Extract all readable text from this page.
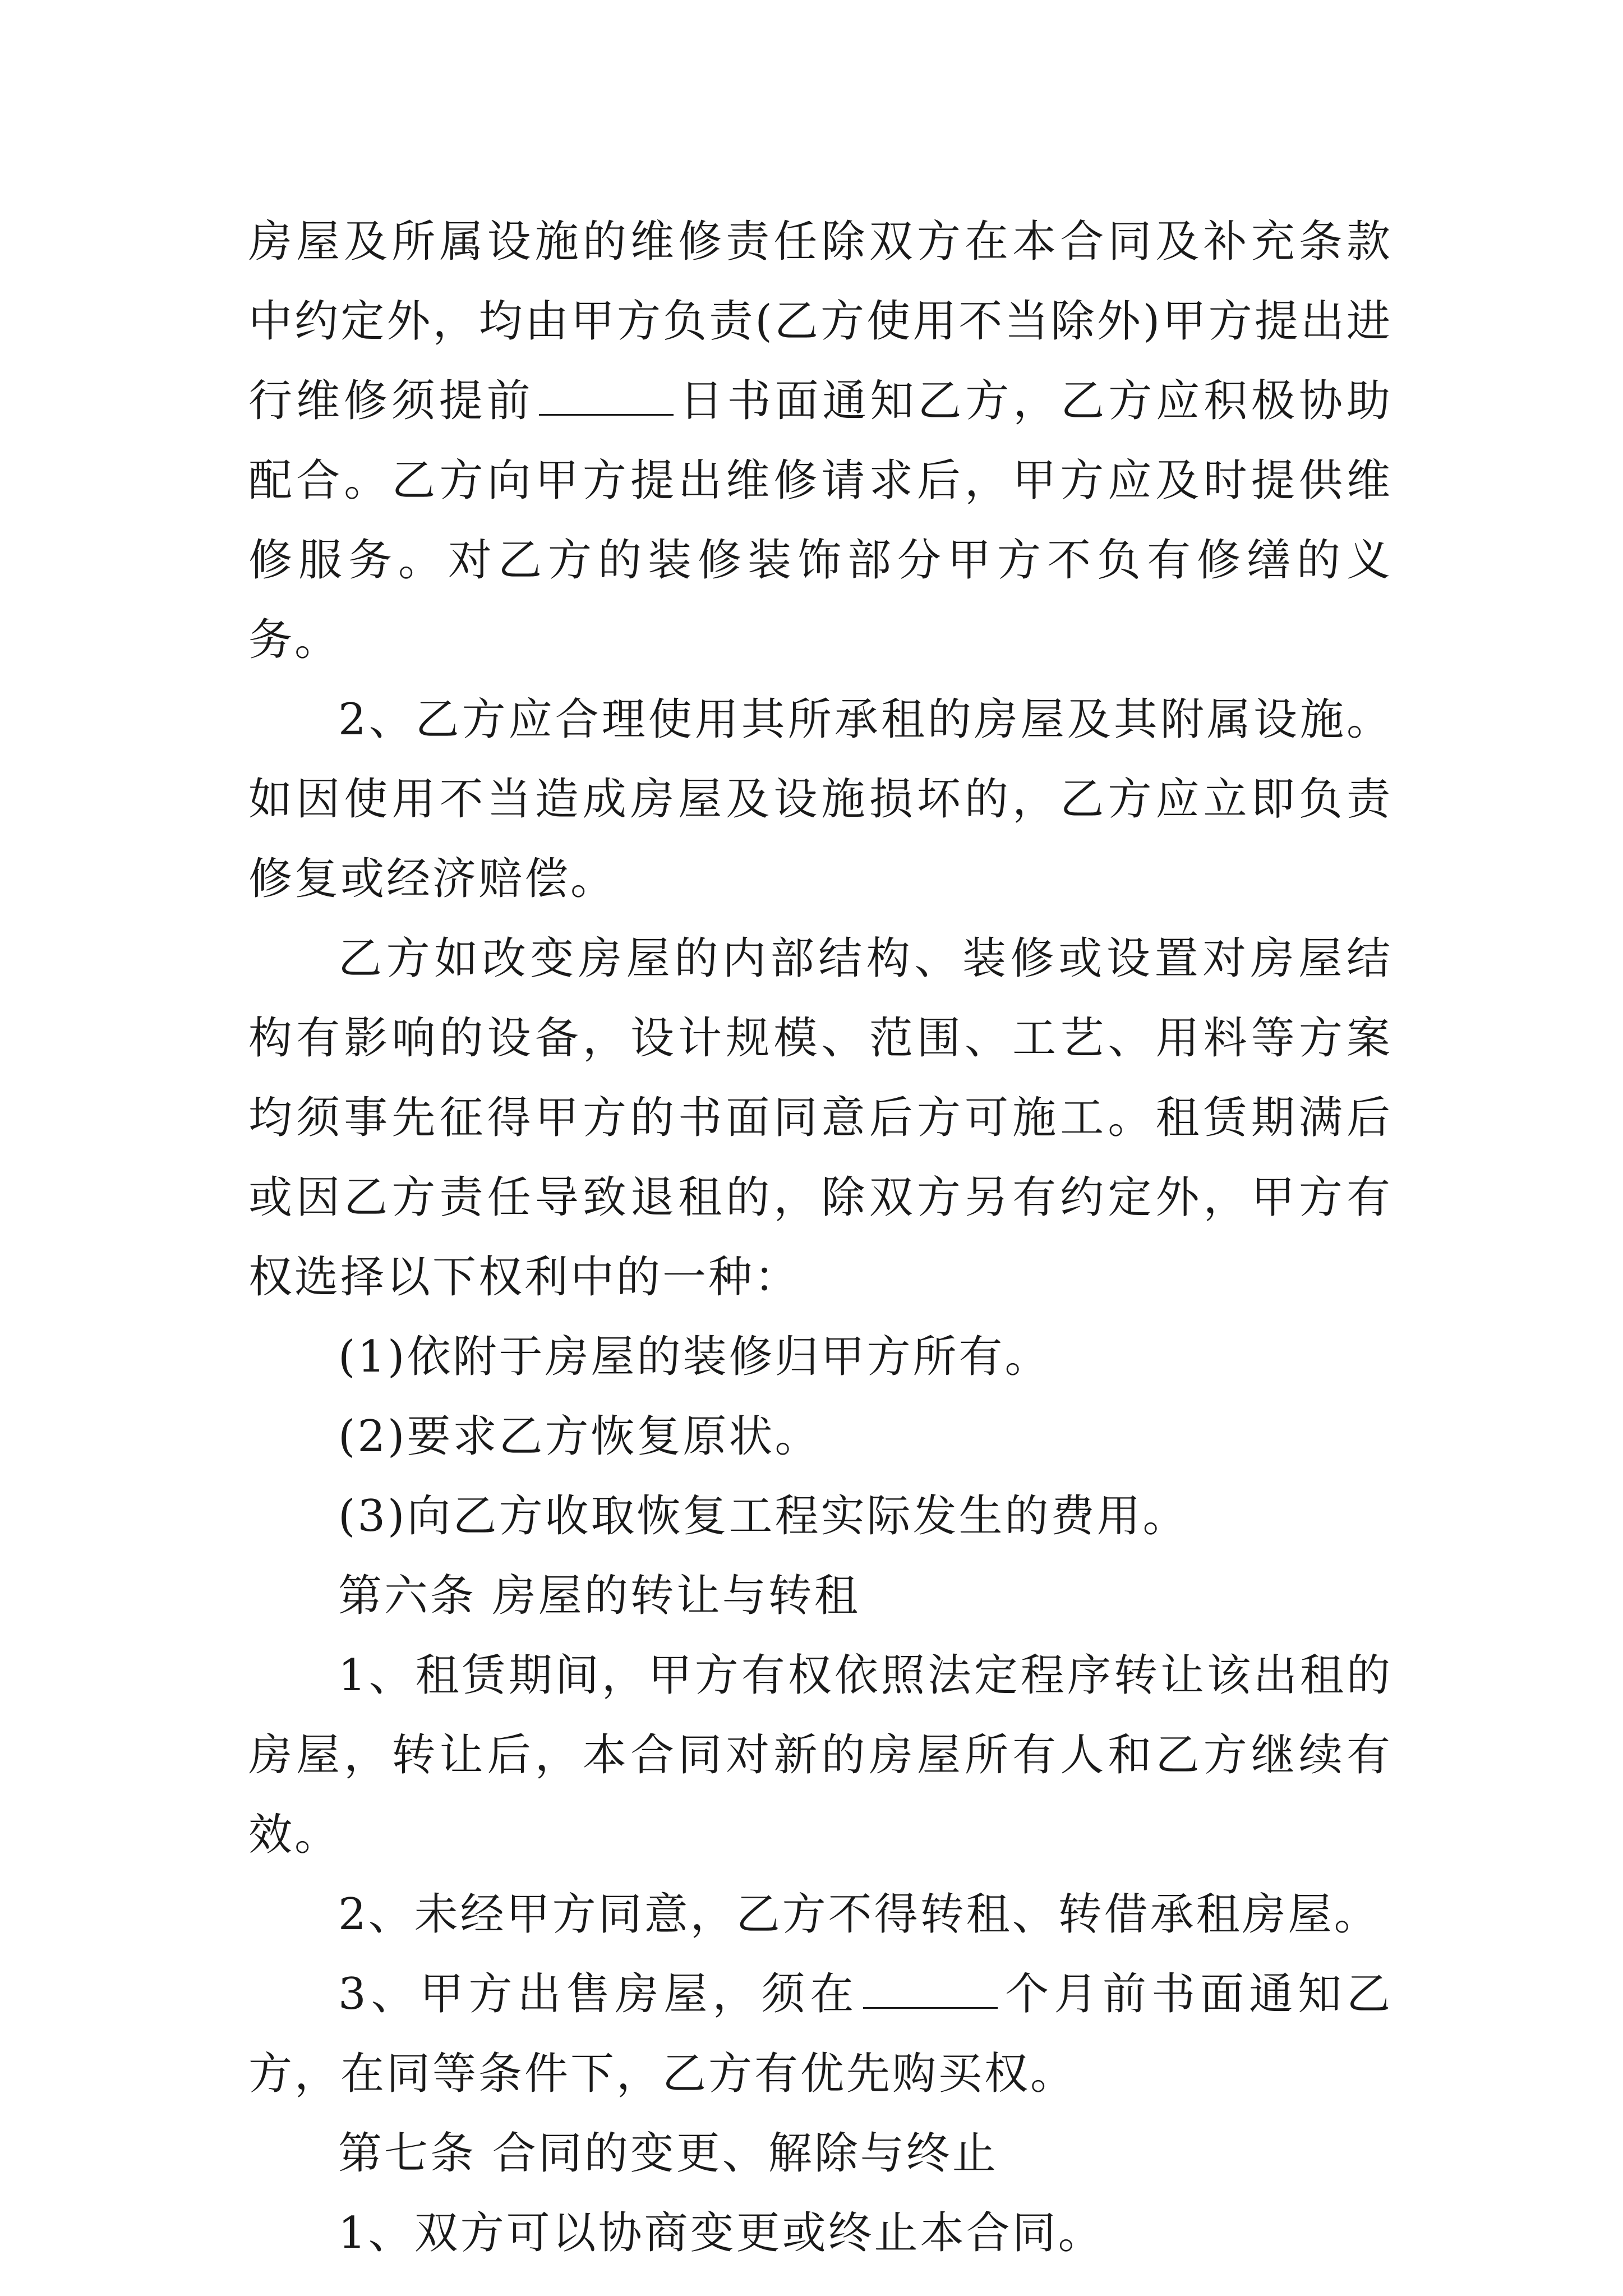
房屋及所属设施的维修责任除双方在本合同及补充条款中约定外，均由甲方负责(乙方使用不当除外)甲方提出进行维修须提前	日书面通知乙方，乙方应积极协助配合。乙方向甲方提出维修请求后，甲方应及时提供维修服务。对乙方的装修装饰部分甲方不负有修缮的义务。

2、乙方应合理使用其所承租的房屋及其附属设施。如因使用不当造成房屋及设施损坏的，乙方应立即负责修复或经济赔偿。

乙方如改变房屋的内部结构、装修或设置对房屋结构有影响的设备，设计规模、范围、工艺、用料等方案均须事先征得甲方的书面同意后方可施工。租赁期满后或因乙方责任导致退租的，除双方另有约定外，甲方有权选择以下权利中的一种：

(1)依附于房屋的装修归甲方所有。

(2)要求乙方恢复原状。

(3)向乙方收取恢复工程实际发生的费用。

第六条 房屋的转让与转租

1、租赁期间，甲方有权依照法定程序转让该出租的房屋，转让后，本合同对新的房屋所有人和乙方继续有效。

2、未经甲方同意，乙方不得转租、转借承租房屋。

3、甲方出售房屋，须在	个月前书面通知乙方，在同等条件下，乙方有优先购买权。

第七条 合同的变更、解除与终止

1、双方可以协商变更或终止本合同。
